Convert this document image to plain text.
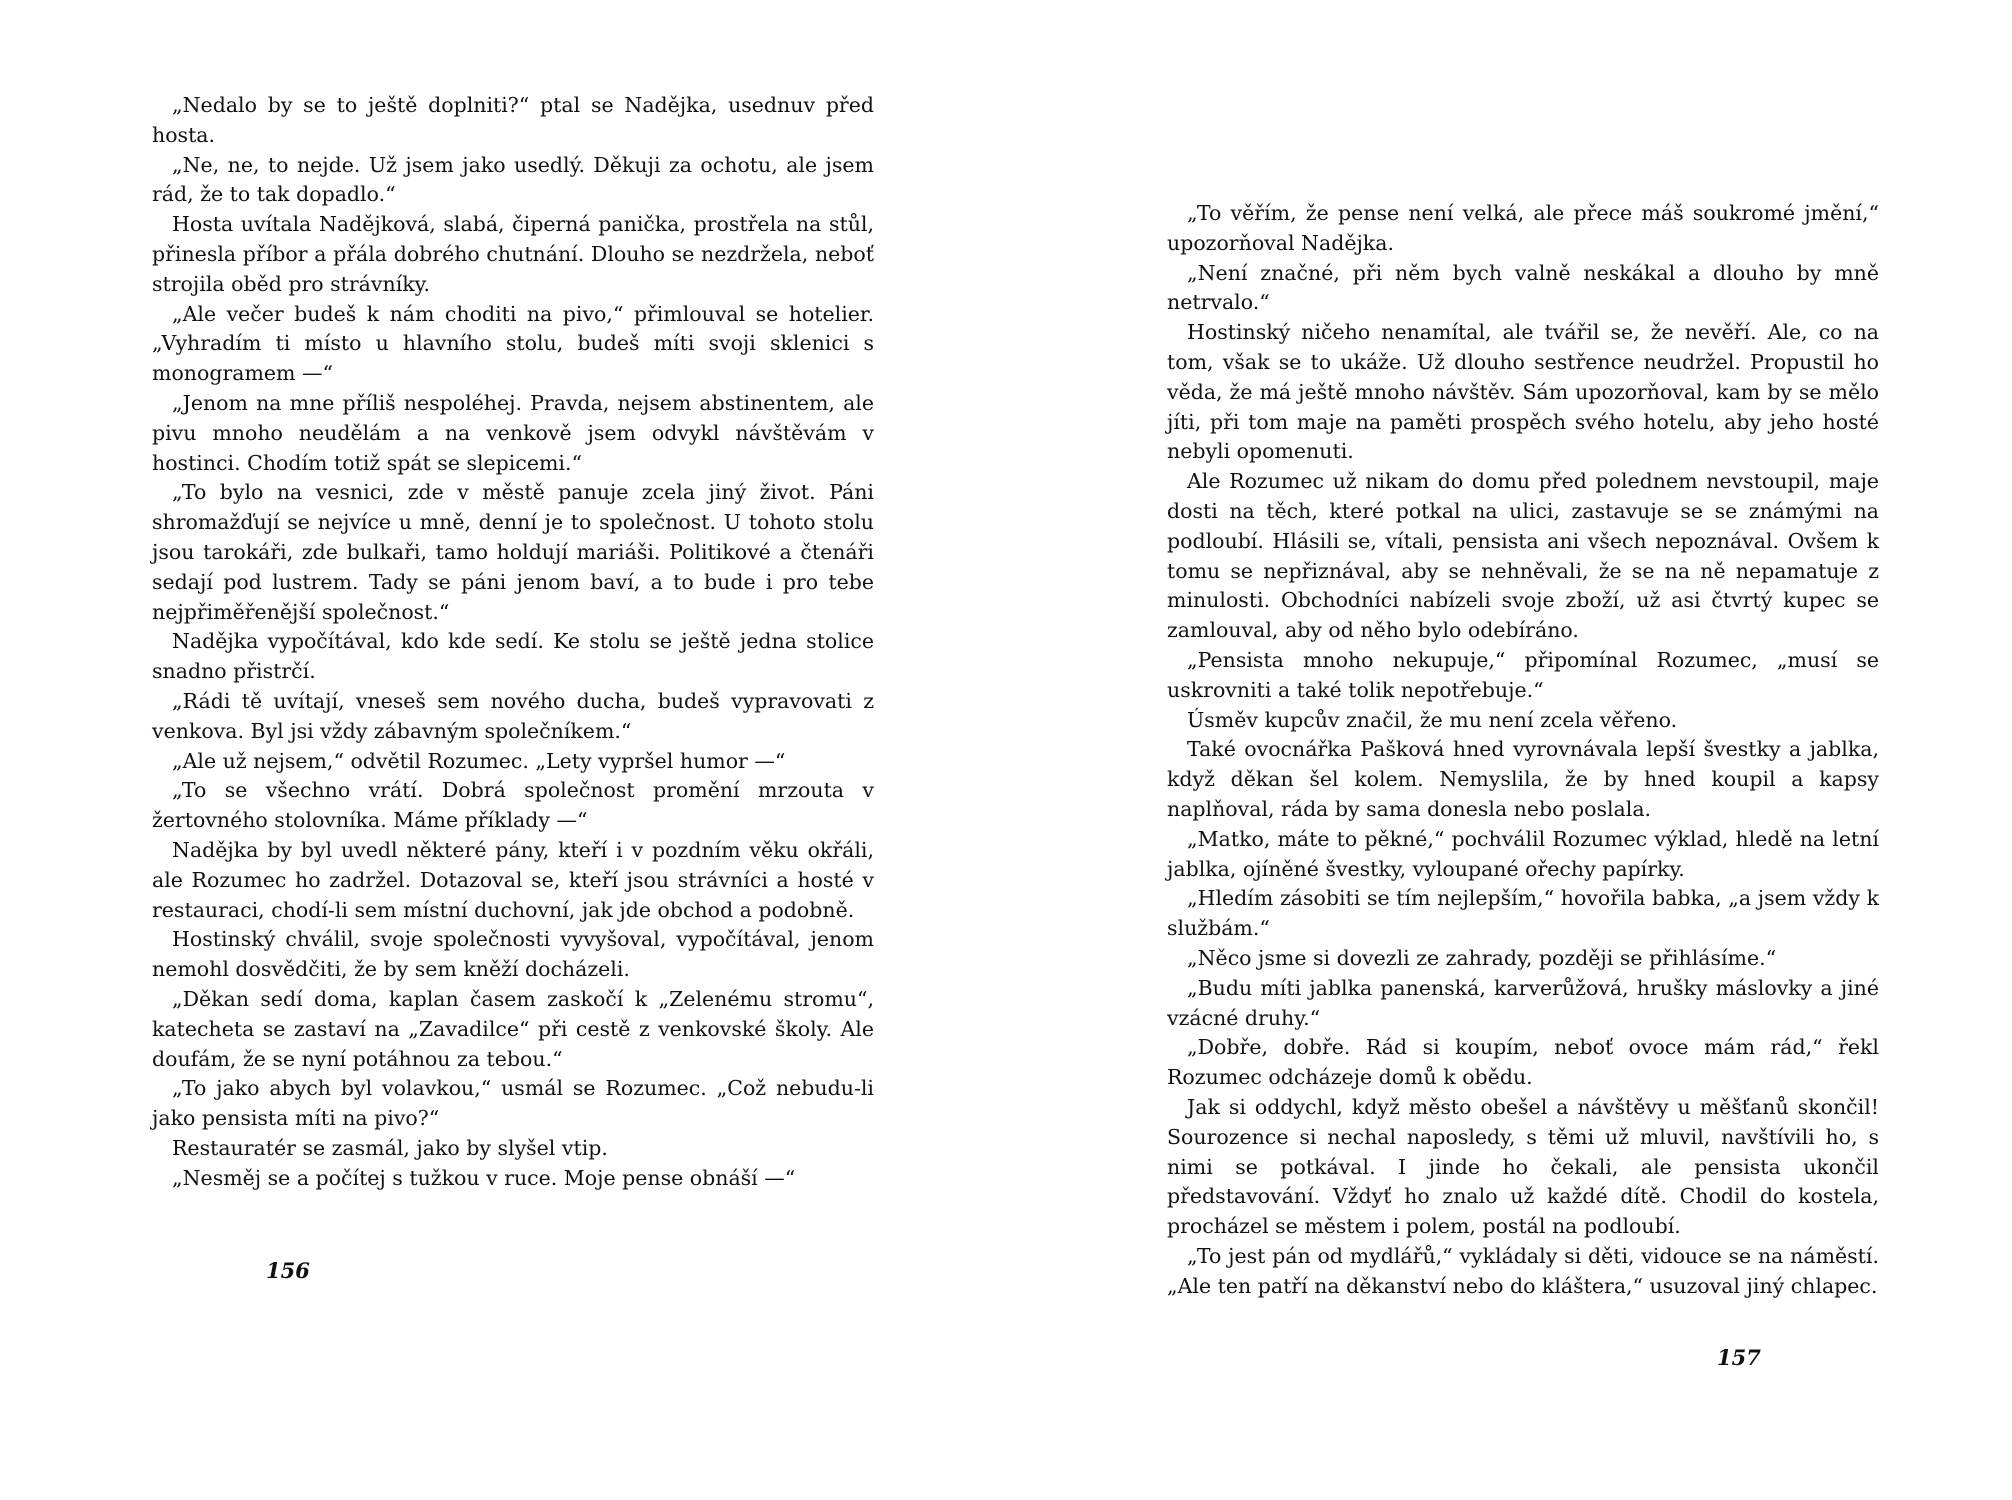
„Nedalo by se to ještě doplniti?“ ptal se Nadějka, usednuv před hosta.

„Ne, ne, to nejde. Už jsem jako usedlý. Děkuji za ochotu, ale jsem rád, že to tak dopadlo.“

Hosta uvítala Nadějková, slabá, čiperná panička, prostřela na stůl, přinesla příbor a přála dobrého chutnání. Dlouho se nezdržela, neboť strojila oběd pro strávníky.

„Ale večer budeš k nám choditi na pivo,“ přimlouval se hotelier. „Vyhradím ti místo u hlavního stolu, budeš míti svoji sklenici s monogramem —“

„Jenom na mne příliš nespoléhej. Pravda, nejsem abstinentem, ale pivu mnoho neudělám a na venkově jsem odvykl návštěvám v hostinci. Chodím totiž spát se slepicemi.“

„To bylo na vesnici, zde v městě panuje zcela jiný život. Páni shromažďují se nejvíce u mně, denní je to společnost. U tohoto stolu jsou tarokáři, zde bulkaři, tamo holdují mariáši. Politikové a čtenáři sedají pod lustrem. Tady se páni jenom baví, a to bude i pro tebe nejpřiměřenější společnost.“

Nadějka vypočítával, kdo kde sedí. Ke stolu se ještě jedna stolice snadno přistrčí.

„Rádi tě uvítají, vneseš sem nového ducha, budeš vypravovati z venkova. Byl jsi vždy zábavným společníkem.“

„Ale už nejsem,“ odvětil Rozumec. „Lety vypršel humor —“

„To se všechno vrátí. Dobrá společnost promění mrzouta v žertovného stolovníka. Máme příklady —“

Nadějka by byl uvedl některé pány, kteří i v pozdním věku okřáli, ale Rozumec ho zadržel. Dotazoval se, kteří jsou strávníci a hosté v restauraci, chodí-li sem místní duchovní, jak jde obchod a podobně.

Hostinský chválil, svoje společnosti vyvyšoval, vypočítával, jenom nemohl dosvědčiti, že by sem kněží docházeli.

„Děkan sedí doma, kaplan časem zaskočí k „Zelenému stromu“, katecheta se zastaví na „Zavadilce“ při cestě z venkovské školy. Ale doufám, že se nyní potáhnou za tebou.“

„To jako abych byl volavkou,“ usmál se Rozumec. „Což nebudu-li jako pensista míti na pivo?“

Restauratér se zasmál, jako by slyšel vtip.

„Nesměj se a počítej s tužkou v ruce. Moje pense obnáší —“

156

„To věřím, že pense není velká, ale přece máš soukromé jmění,“ upozorňoval Nadějka.

„Není značné, při něm bych valně neskákal a dlouho by mně netrvalo.“

Hostinský ničeho nenamítal, ale tvářil se, že nevěří. Ale, co na tom, však se to ukáže. Už dlouho sestřence neudržel. Propustil ho věda, že má ještě mnoho návštěv. Sám upozorňoval, kam by se mělo jíti, při tom maje na paměti prospěch svého hotelu, aby jeho hosté nebyli opomenuti.

Ale Rozumec už nikam do domu před polednem nevstoupil, maje dosti na těch, které potkal na ulici, zastavuje se se známými na podloubí. Hlásili se, vítali, pensista ani všech nepoznával. Ovšem k tomu se nepřiznával, aby se nehněvali, že se na ně nepamatuje z minulosti. Obchodníci nabízeli svoje zboží, už asi čtvrtý kupec se zamlouval, aby od něho bylo odebíráno.

„Pensista mnoho nekupuje,“ připomínal Rozumec, „musí se uskrovniti a také tolik nepotřebuje.“

Úsměv kupcův značil, že mu není zcela věřeno.

Také ovocnářka Pašková hned vyrovnávala lepší švestky a jablka, když děkan šel kolem. Nemyslila, že by hned koupil a kapsy naplňoval, ráda by sama donesla nebo poslala.

„Matko, máte to pěkné,“ pochválil Rozumec výklad, hledě na letní jablka, ojíněné švestky, vyloupané ořechy papírky.

„Hledím zásobiti se tím nejlepším,“ hovořila babka, „a jsem vždy k službám.“

„Něco jsme si dovezli ze zahrady, později se přihlásíme.“

„Budu míti jablka panenská, karverůžová, hrušky máslovky a jiné vzácné druhy.“

„Dobře, dobře. Rád si koupím, neboť ovoce mám rád,“ řekl Rozumec odcházeje domů k obědu.

Jak si oddychl, když město obešel a návštěvy u měšťanů skončil! Sourozence si nechal naposledy, s těmi už mluvil, navštívili ho, s nimi se potkával. I jinde ho čekali, ale pensista ukončil představování. Vždyť ho znalo už každé dítě. Chodil do kostela, procházel se městem i polem, postál na podloubí.

„To jest pán od mydlářů,“ vykládaly si děti, vidouce se na náměstí. „Ale ten patří na děkanství nebo do kláštera,“ usuzoval jiný chlapec.

157
